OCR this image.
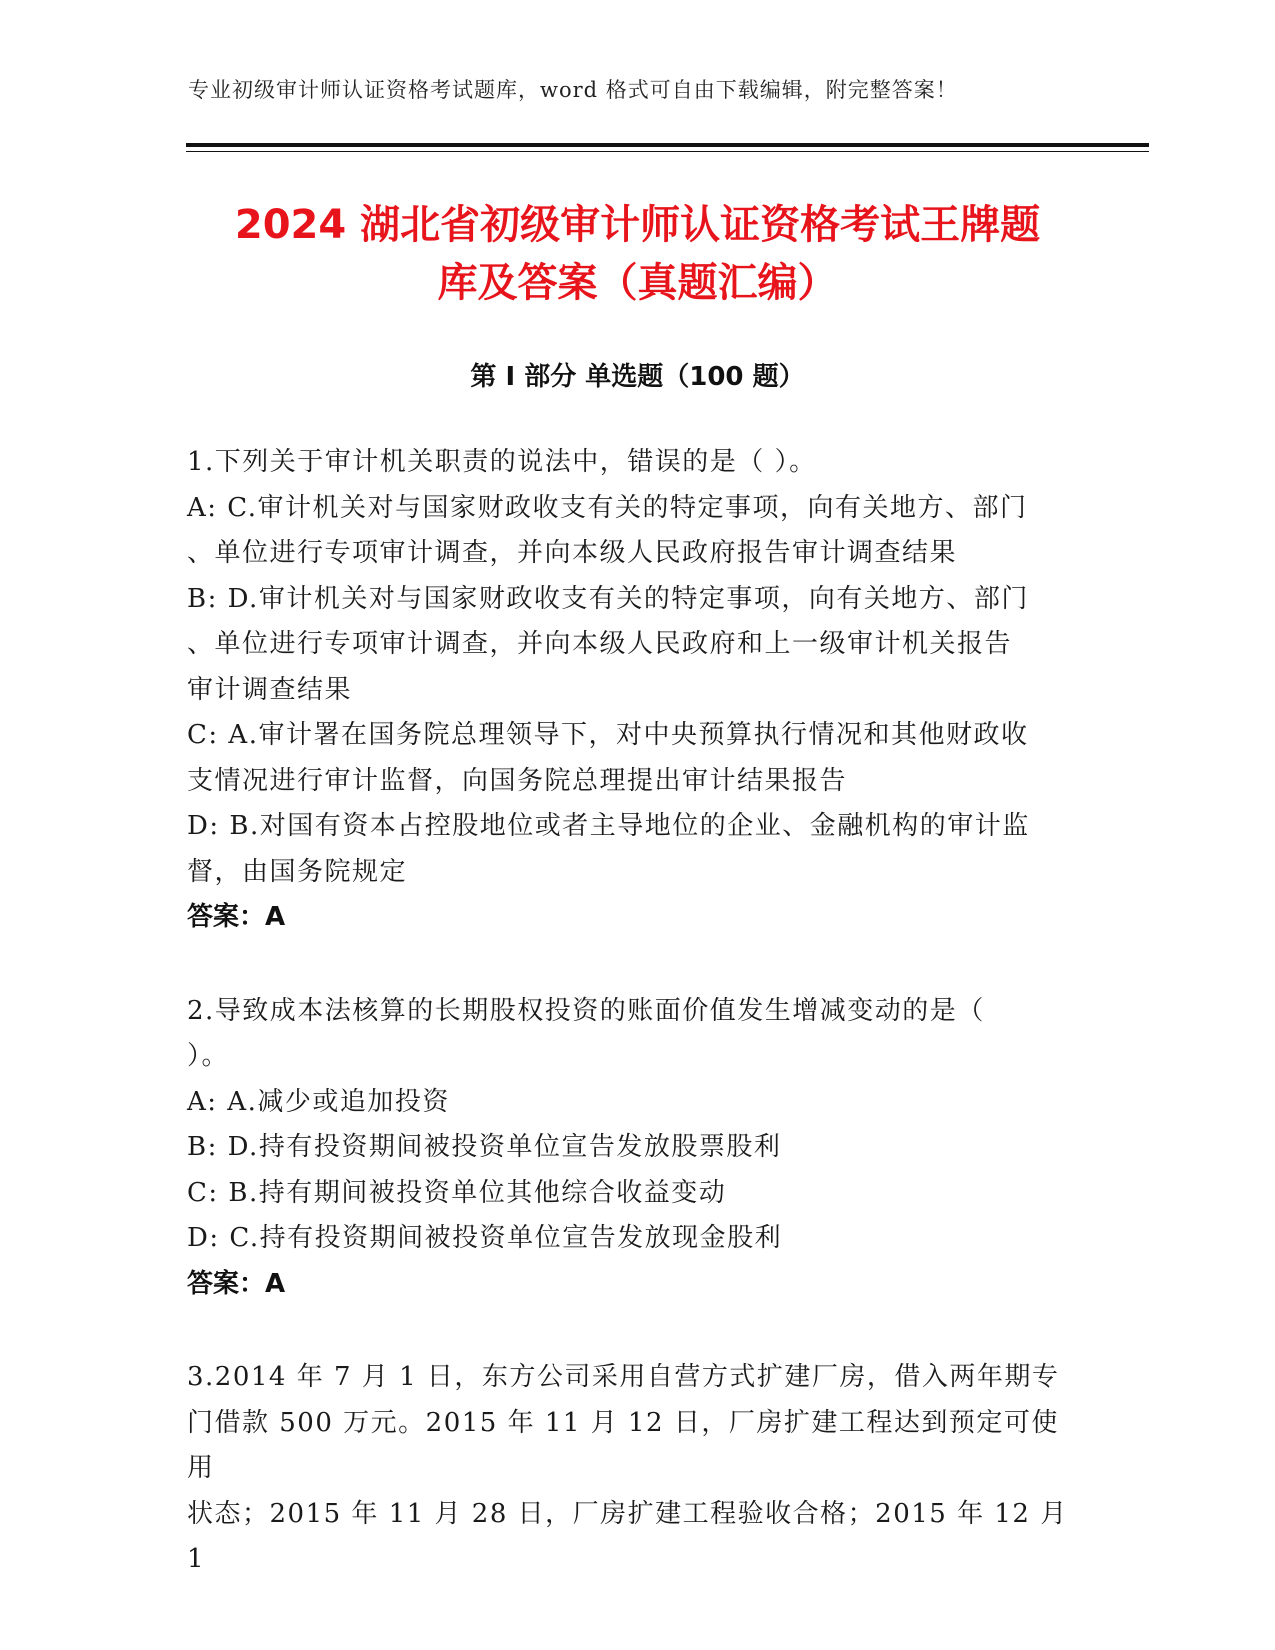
专业初级审计师认证资格考试题库，word 格式可自由下载编辑，附完整答案！
2024 湖北省初级审计师认证资格考试王牌题
库及答案（真题汇编）
第 I 部分 单选题（100 题）
1.下列关于审计机关职责的说法中，错误的是（ ）。
A: C.审计机关对与国家财政收支有关的特定事项，向有关地方、部门
、单位进行专项审计调查，并向本级人民政府报告审计调查结果
B: D.审计机关对与国家财政收支有关的特定事项，向有关地方、部门
、单位进行专项审计调查，并向本级人民政府和上一级审计机关报告
审计调查结果
C: A.审计署在国务院总理领导下，对中央预算执行情况和其他财政收
支情况进行审计监督，向国务院总理提出审计结果报告
D: B.对国有资本占控股地位或者主导地位的企业、金融机构的审计监
督，由国务院规定
答案：A
2.导致成本法核算的长期股权投资的账面价值发生增减变动的是（
）。
A: A.减少或追加投资
B: D.持有投资期间被投资单位宣告发放股票股利
C: B.持有期间被投资单位其他综合收益变动
D: C.持有投资期间被投资单位宣告发放现金股利
答案：A
3.2014 年 7 月 1 日，东方公司采用自营方式扩建厂房，借入两年期专
门借款 500 万元。2015 年 11 月 12 日，厂房扩建工程达到预定可使用
状态；2015 年 11 月 28 日，厂房扩建工程验收合格；2015 年 12 月 1
